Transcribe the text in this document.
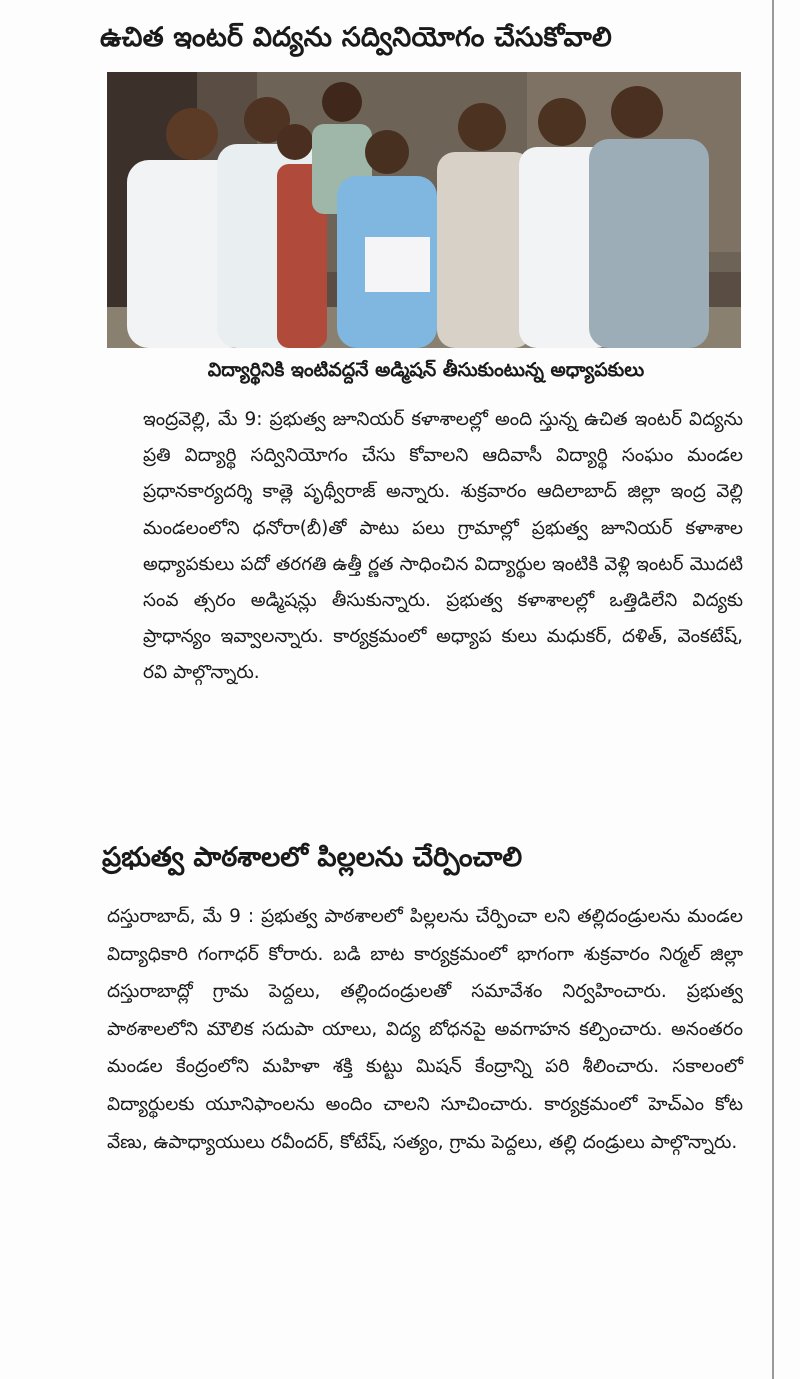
ఉచిత ఇంటర్ విద్యను సద్వినియోగం చేసుకోవాలి
విద్యార్థినికి ఇంటివద్దనే అడ్మిషన్ తీసుకుంటున్న అధ్యాపకులు

ఇంద్రవెల్లి, మే 9: ప్రభుత్వ జూనియర్ కళాశాలల్లో అంది స్తున్న ఉచిత ఇంటర్ విద్యను ప్రతి విద్యార్థి సద్వినియోగం చేసు కోవాలని ఆదివాసీ విద్యార్థి సంఘం మండల ప్రధానకార్యదర్శి కాత్లె పృథ్వీరాజ్ అన్నారు. శుక్రవారం ఆదిలాబాద్ జిల్లా ఇంద్ర వెల్లి మండలంలోని ధనోరా(బీ)తో పాటు పలు గ్రామాల్లో ప్రభుత్వ జూనియర్ కళాశాల అధ్యాపకులు పదో తరగతి ఉత్తీ ర్ణత సాధించిన విద్యార్థుల ఇంటికి వెళ్లి ఇంటర్ మొదటి సంవ త్సరం అడ్మిషన్లు తీసుకున్నారు. ప్రభుత్వ కళాశాలల్లో ఒత్తిడిలేని విద్యకు ప్రాధాన్యం ఇవ్వాలన్నారు. కార్యక్రమంలో అధ్యాప కులు మధుకర్, దళిత్, వెంకటేష్, రవి పాల్గొన్నారు.

ప్రభుత్వ పాఠశాలలో పిల్లలను చేర్పించాలి

దస్తురాబాద్, మే 9 : ప్రభుత్వ పాఠశాలలో పిల్లలను చేర్పించా లని తల్లిదండ్రులను మండల విద్యాధికారి గంగాధర్ కోరారు. బడి బాట కార్యక్రమంలో భాగంగా శుక్రవారం నిర్మల్ జిల్లా దస్తురాబాద్లో గ్రామ పెద్దలు, తల్లిందండ్రులతో సమావేశం నిర్వహించారు. ప్రభుత్వ పాఠశాలలోని మౌలిక సదుపా యాలు, విద్య బోధనపై అవగాహన కల్పించారు. అనంతరం మండల కేంద్రంలోని మహిళా శక్తి కుట్టు మిషన్ కేంద్రాన్ని పరి శీలించారు. సకాలంలో విద్యార్థులకు యూనిఫాంలను అందిం చాలని సూచించారు. కార్యక్రమంలో హెచ్ఎం కోట వేణు, ఉపాధ్యాయులు రవీందర్, కోటేష్, సత్యం, గ్రామ పెద్దలు, తల్లి దండ్రులు పాల్గొన్నారు.
